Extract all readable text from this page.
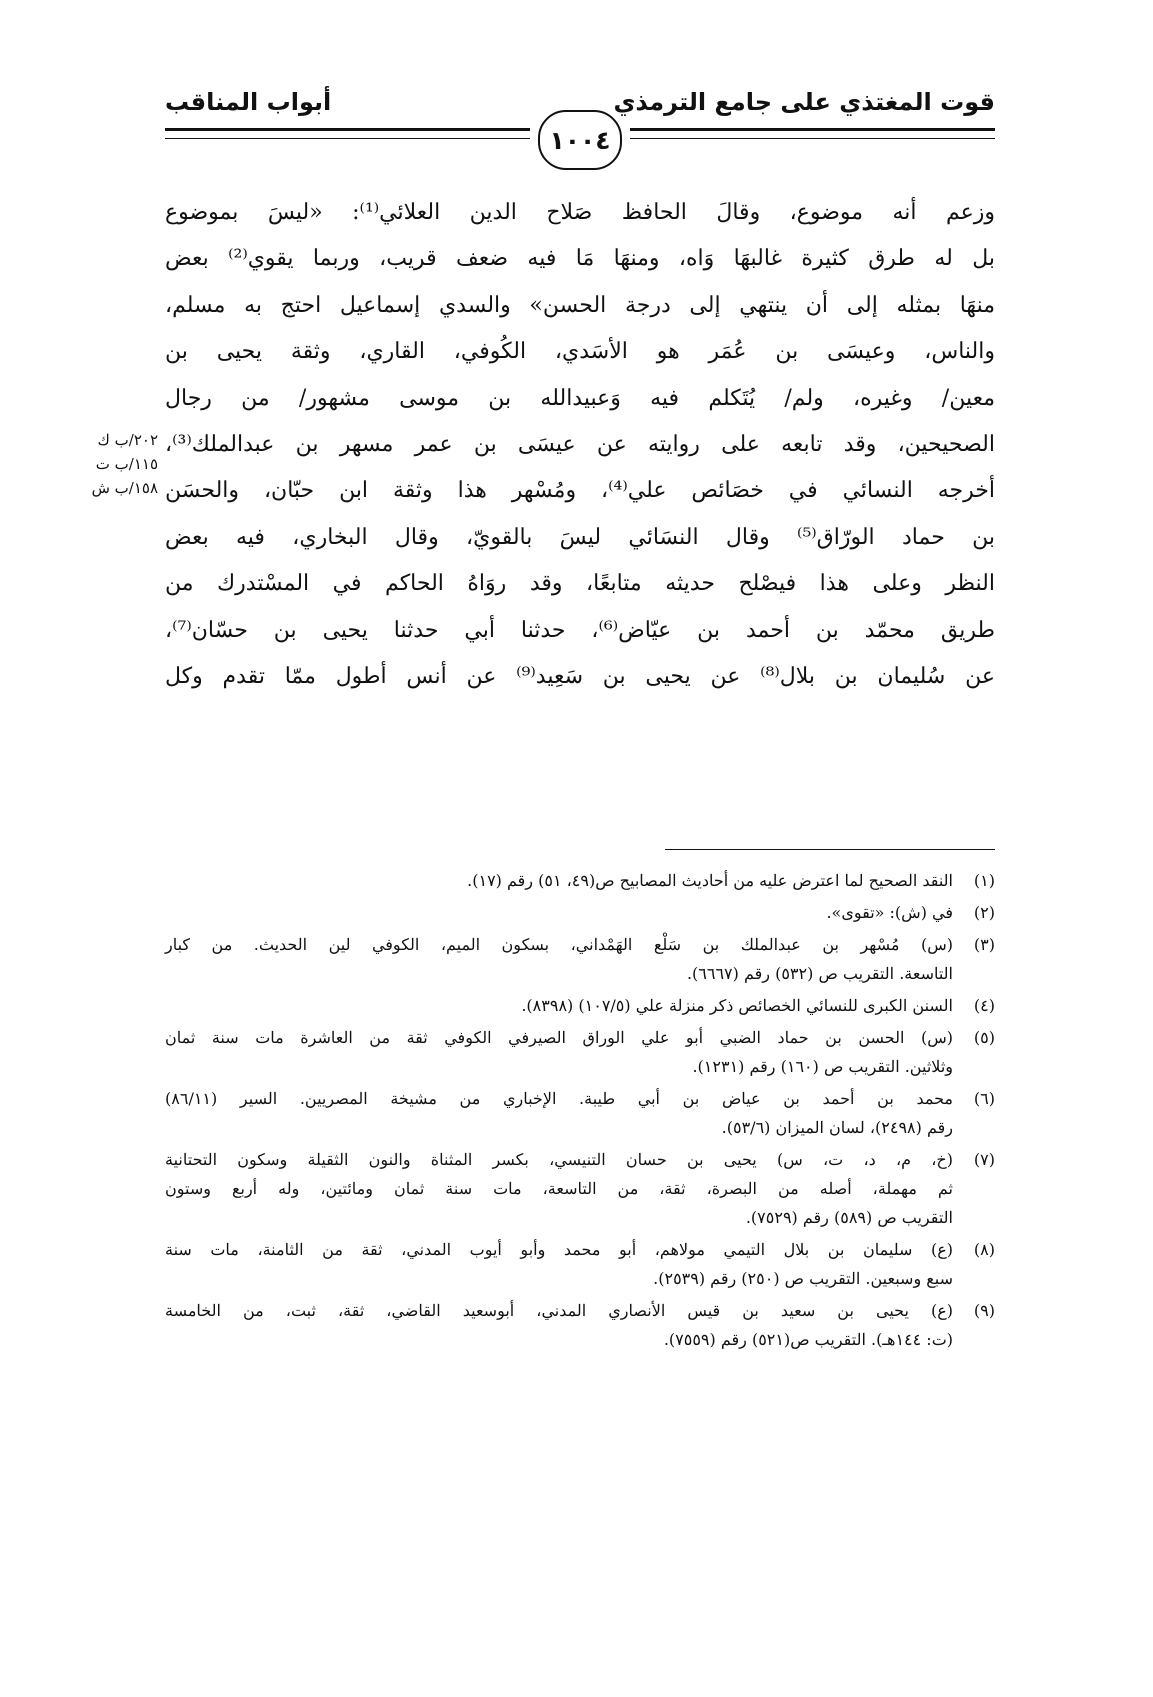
قوت المغتذي على جامع الترمذي
١٠٠٤
أبواب المناقب
وزعم أنه موضوع، وقالَ الحافظ صَلاح الدين العلائي⁽¹⁾: «ليسَ بموضوع
بل له طرق كثيرة غالبهَا وَاه، ومنهَا مَا فيه ضعف قريب، وربما يقوي⁽²⁾ بعض
منهَا بمثله إلى أن ينتهي إلى درجة الحسن» والسدي إسماعيل احتج به مسلم،
والناس، وعيسَى بن عُمَر هو الأسَدي، الكُوفي، القاري، وثقة يحيى بن
معين/ وغيره، ولم/ يُتَكلم فيه وَعبيدالله بن موسى مشهور/ من رجال
الصحيحين، وقد تابعه على روايته عن عيسَى بن عمر مسهر بن عبدالملك⁽³⁾،
أخرجه النسائي في خصَائص علي⁽⁴⁾، ومُسْهر هذا وثقة ابن حبّان، والحسَن
بن حماد الورّاق⁽⁵⁾ وقال النسَائي ليسَ بالقويّ، وقال البخاري، فيه بعض
النظر وعلى هذا فيصْلح حديثه متابعًا، وقد روَاهُ الحاكم في المسْتدرك من
طريق محمّد بن أحمد بن عيّاض⁽⁶⁾، حدثنا أبي حدثنا يحيى بن حسّان⁽⁷⁾،
عن سُليمان بن بلال⁽⁸⁾ عن يحيى بن سَعِيد⁽⁹⁾ عن أنس أطول ممّا تقدم وكل
٢٠٢/ب ك
١١٥/ب ت
١٥٨/ب ش
(١)
النقد الصحيح لما اعترض عليه من أحاديث المصابيح ص(٤٩، ٥١) رقم (١٧).
(٢)
في (ش): «تقوى».
(٣)
(س) مُسْهر بن عبدالملك بن سَلْع الهَمْداني، بسكون الميم، الكوفي لين الحديث. من كبار
التاسعة. التقريب ص (٥٣٢) رقم (٦٦٦٧).
(٤)
السنن الكبرى للنسائي الخصائص ذكر منزلة علي (١٠٧/٥) (٨٣٩٨).
(٥)
(س) الحسن بن حماد الضبي أبو علي الوراق الصيرفي الكوفي ثقة من العاشرة مات سنة ثمان
وثلاثين. التقريب ص (١٦٠) رقم (١٢٣١).
(٦)
محمد بن أحمد بن عياض بن أبي طيبة. الإخباري من مشيخة المصريين. السير (٨٦/١١)
رقم (٢٤٩٨)، لسان الميزان (٥٣/٦).
(٧)
(خ، م، د، ت، س) يحيى بن حسان التنيسي، بكسر المثناة والنون الثقيلة وسكون التحتانية
ثم مهملة، أصله من البصرة، ثقة، من التاسعة، مات سنة ثمان ومائتين، وله أربع وستون
التقريب ص (٥٨٩) رقم (٧٥٢٩).
(٨)
(ع) سليمان بن بلال التيمي مولاهم، أبو محمد وأبو أيوب المدني، ثقة من الثامنة، مات سنة
سبع وسبعين. التقريب ص (٢٥٠) رقم (٢٥٣٩).
(٩)
(ع) يحيى بن سعيد بن قيس الأنصاري المدني، أبوسعيد القاضي، ثقة، ثبت، من الخامسة
(ت: ١٤٤هـ). التقريب ص(٥٢١) رقم (٧٥٥٩).
